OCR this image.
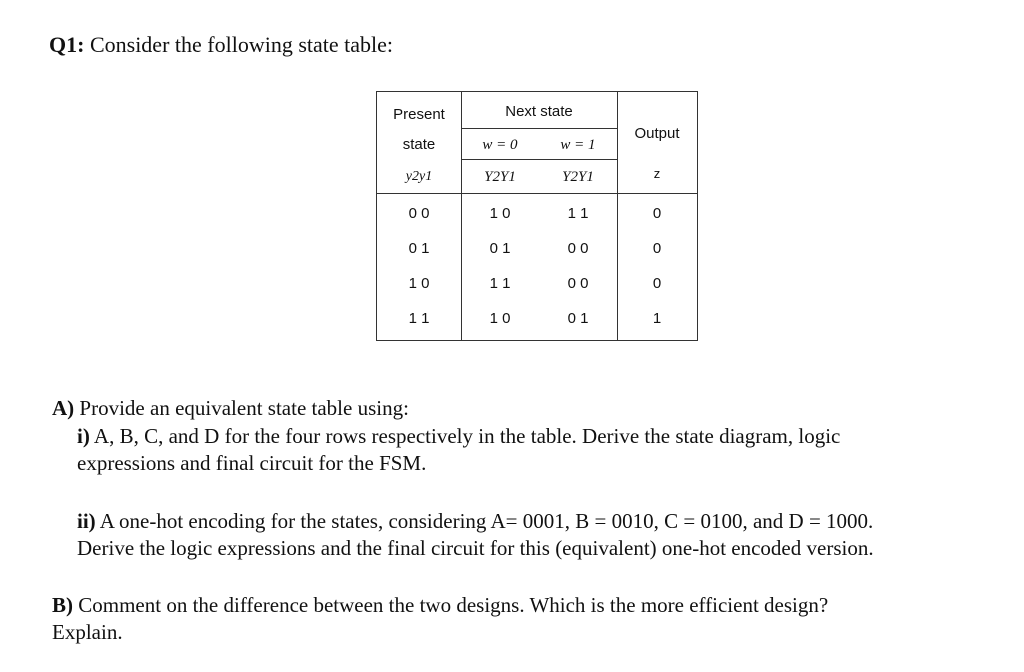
Q1: Consider the following state table:
Present
state
y2y1
Next state
w = 0	w = 1
Y2Y1	Y2Y1
Output
z
0 0	1 0	1 1	0
0 1	0 1	0 0	0
1 0	1 1	0 0	0
1 1	1 0	0 1	1
A) Provide an equivalent state table using:
i) A, B, C, and D for the four rows respectively in the table. Derive the state diagram, logic
expressions and final circuit for the FSM.
ii) A one-hot encoding for the states, considering A= 0001, B = 0010, C = 0100, and D = 1000.
Derive the logic expressions and the final circuit for this (equivalent) one-hot encoded version.
B) Comment on the difference between the two designs. Which is the more efficient design?
Explain.
